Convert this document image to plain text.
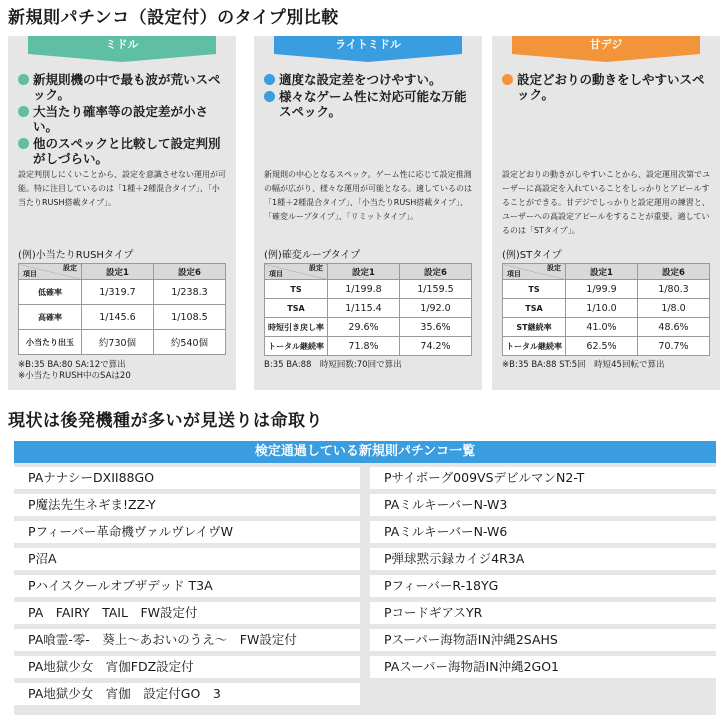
新規則パチンコ（設定付）のタイプ別比較
ミドル
新規則機の中で最も波が荒いスペック。
大当たり確率等の設定差が小さい。
他のスペックと比較して設定判別がしづらい。
設定判別しにくいことから、設定を意識させない運用が可能。特に注目しているのは「1種＋2種混合タイプ」、「小当たりRUSH搭載タイプ」。
(例)小当たりRUSHタイプ
項目
設定	設定1	設定6
低確率	1/319.7	1/238.3
高確率	1/145.6	1/108.5
小当たり出玉	約730個	約540個
※B:35 BA:80 SA:12で算出
※小当たりRUSH中のSAは20
ライトミドル
適度な設定差をつけやすい。
様々なゲーム性に対応可能な万能スペック。
新規則の中心となるスペック。ゲーム性に応じて設定推測の幅が広がり、様々な運用が可能となる。適しているのは「1種＋2種混合タイプ」、「小当たりRUSH搭載タイプ」、「確変ループタイプ」、「リミットタイプ」。
(例)確変ループタイプ
項目
設定	設定1	設定6
TS	1/199.8	1/159.5
TSA	1/115.4	1/92.0
時短引き戻し率	29.6%	35.6%
トータル継続率	71.8%	74.2%
B:35 BA:88　時短回数:70回で算出
甘デジ
設定どおりの動きをしやすいスペック。
設定どおりの動きがしやすいことから、設定運用次第でユーザーに高設定を入れていることをしっかりとアピールすることができる。甘デジでしっかりと設定運用の練習と、ユーザーへの高設定アピールをすることが重要。適しているのは「STタイプ」。
(例)STタイプ
項目
設定	設定1	設定6
TS	1/99.9	1/80.3
TSA	1/10.0	1/8.0
ST継続率	41.0%	48.6%
トータル継続率	62.5%	70.7%
※B:35 BA:88 ST:5回　時短45回転で算出
現状は後発機種が多いが見送りは命取り
検定通過している新規則パチンコ一覧
PAナナシーDXII88GO	Pサイボーグ009VSデビルマンN2-T
P魔法先生ネギま!ZZ-Y	PAミルキーバーN-W3
Pフィーバー革命機ヴァルヴレイヴW	PAミルキーバーN-W6
P沼A	P弾球黙示録カイジ4R3A
Pハイスクールオブザデッド T3A	PフィーバーR-18YG
PA　FAIRY　TAIL　FW設定付	PコードギアスYR
PA喰霊-零-　葵上～あおいのうえ～　FW設定付	Pスーパー海物語IN沖縄2SAHS
PA地獄少女　宵伽FDZ設定付	PAスーパー海物語IN沖縄2GO1
PA地獄少女　宵伽　設定付GO　3
